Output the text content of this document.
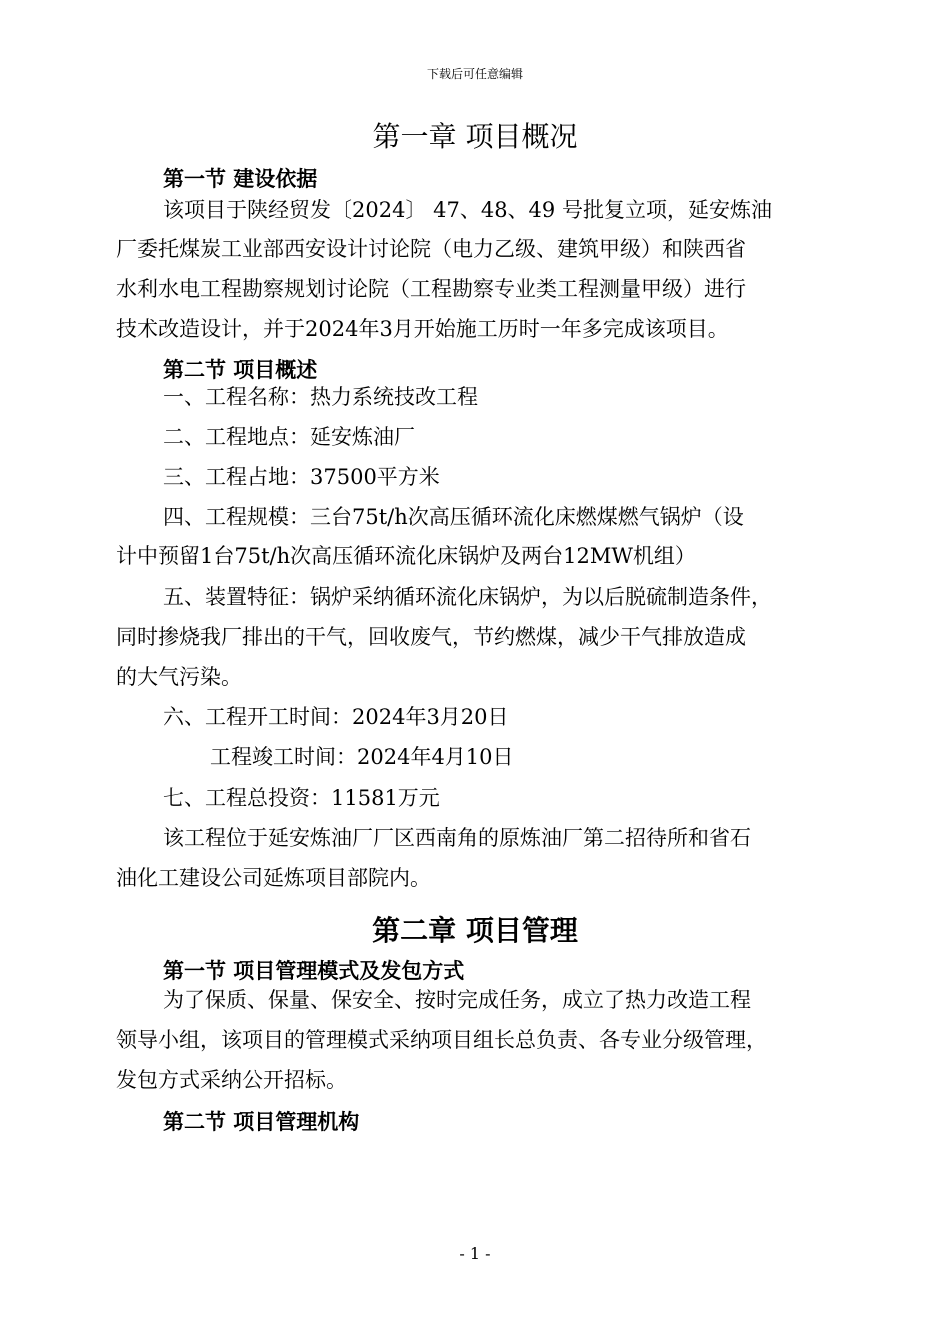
下载后可任意编辑
第一章 项目概况
第一节 建设依据
该项目于陕经贸发〔2024〕 47、48、49 号批复立项，延安炼油
厂委托煤炭工业部西安设计讨论院（电力乙级、建筑甲级）和陕西省
水利水电工程勘察规划讨论院（工程勘察专业类工程测量甲级）进行
技术改造设计，并于2024年3月开始施工历时一年多完成该项目。
第二节 项目概述
一、工程名称：热力系统技改工程
二、工程地点：延安炼油厂
三、工程占地：37500平方米
四、工程规模：三台75t/h次高压循环流化床燃煤燃气锅炉（设
计中预留1台75t/h次高压循环流化床锅炉及两台12MW机组）
五、装置特征：锅炉采纳循环流化床锅炉，为以后脱硫制造条件，
同时掺烧我厂排出的干气，回收废气，节约燃煤，减少干气排放造成
的大气污染。
六、工程开工时间：2024年3月20日
工程竣工时间：2024年4月10日
七、工程总投资：11581万元
该工程位于延安炼油厂厂区西南角的原炼油厂第二招待所和省石
油化工建设公司延炼项目部院内。
第二章 项目管理
第一节 项目管理模式及发包方式
为了保质、保量、保安全、按时完成任务，成立了热力改造工程
领导小组，该项目的管理模式采纳项目组长总负责、各专业分级管理，
发包方式采纳公开招标。
第二节 项目管理机构
- 1 -
